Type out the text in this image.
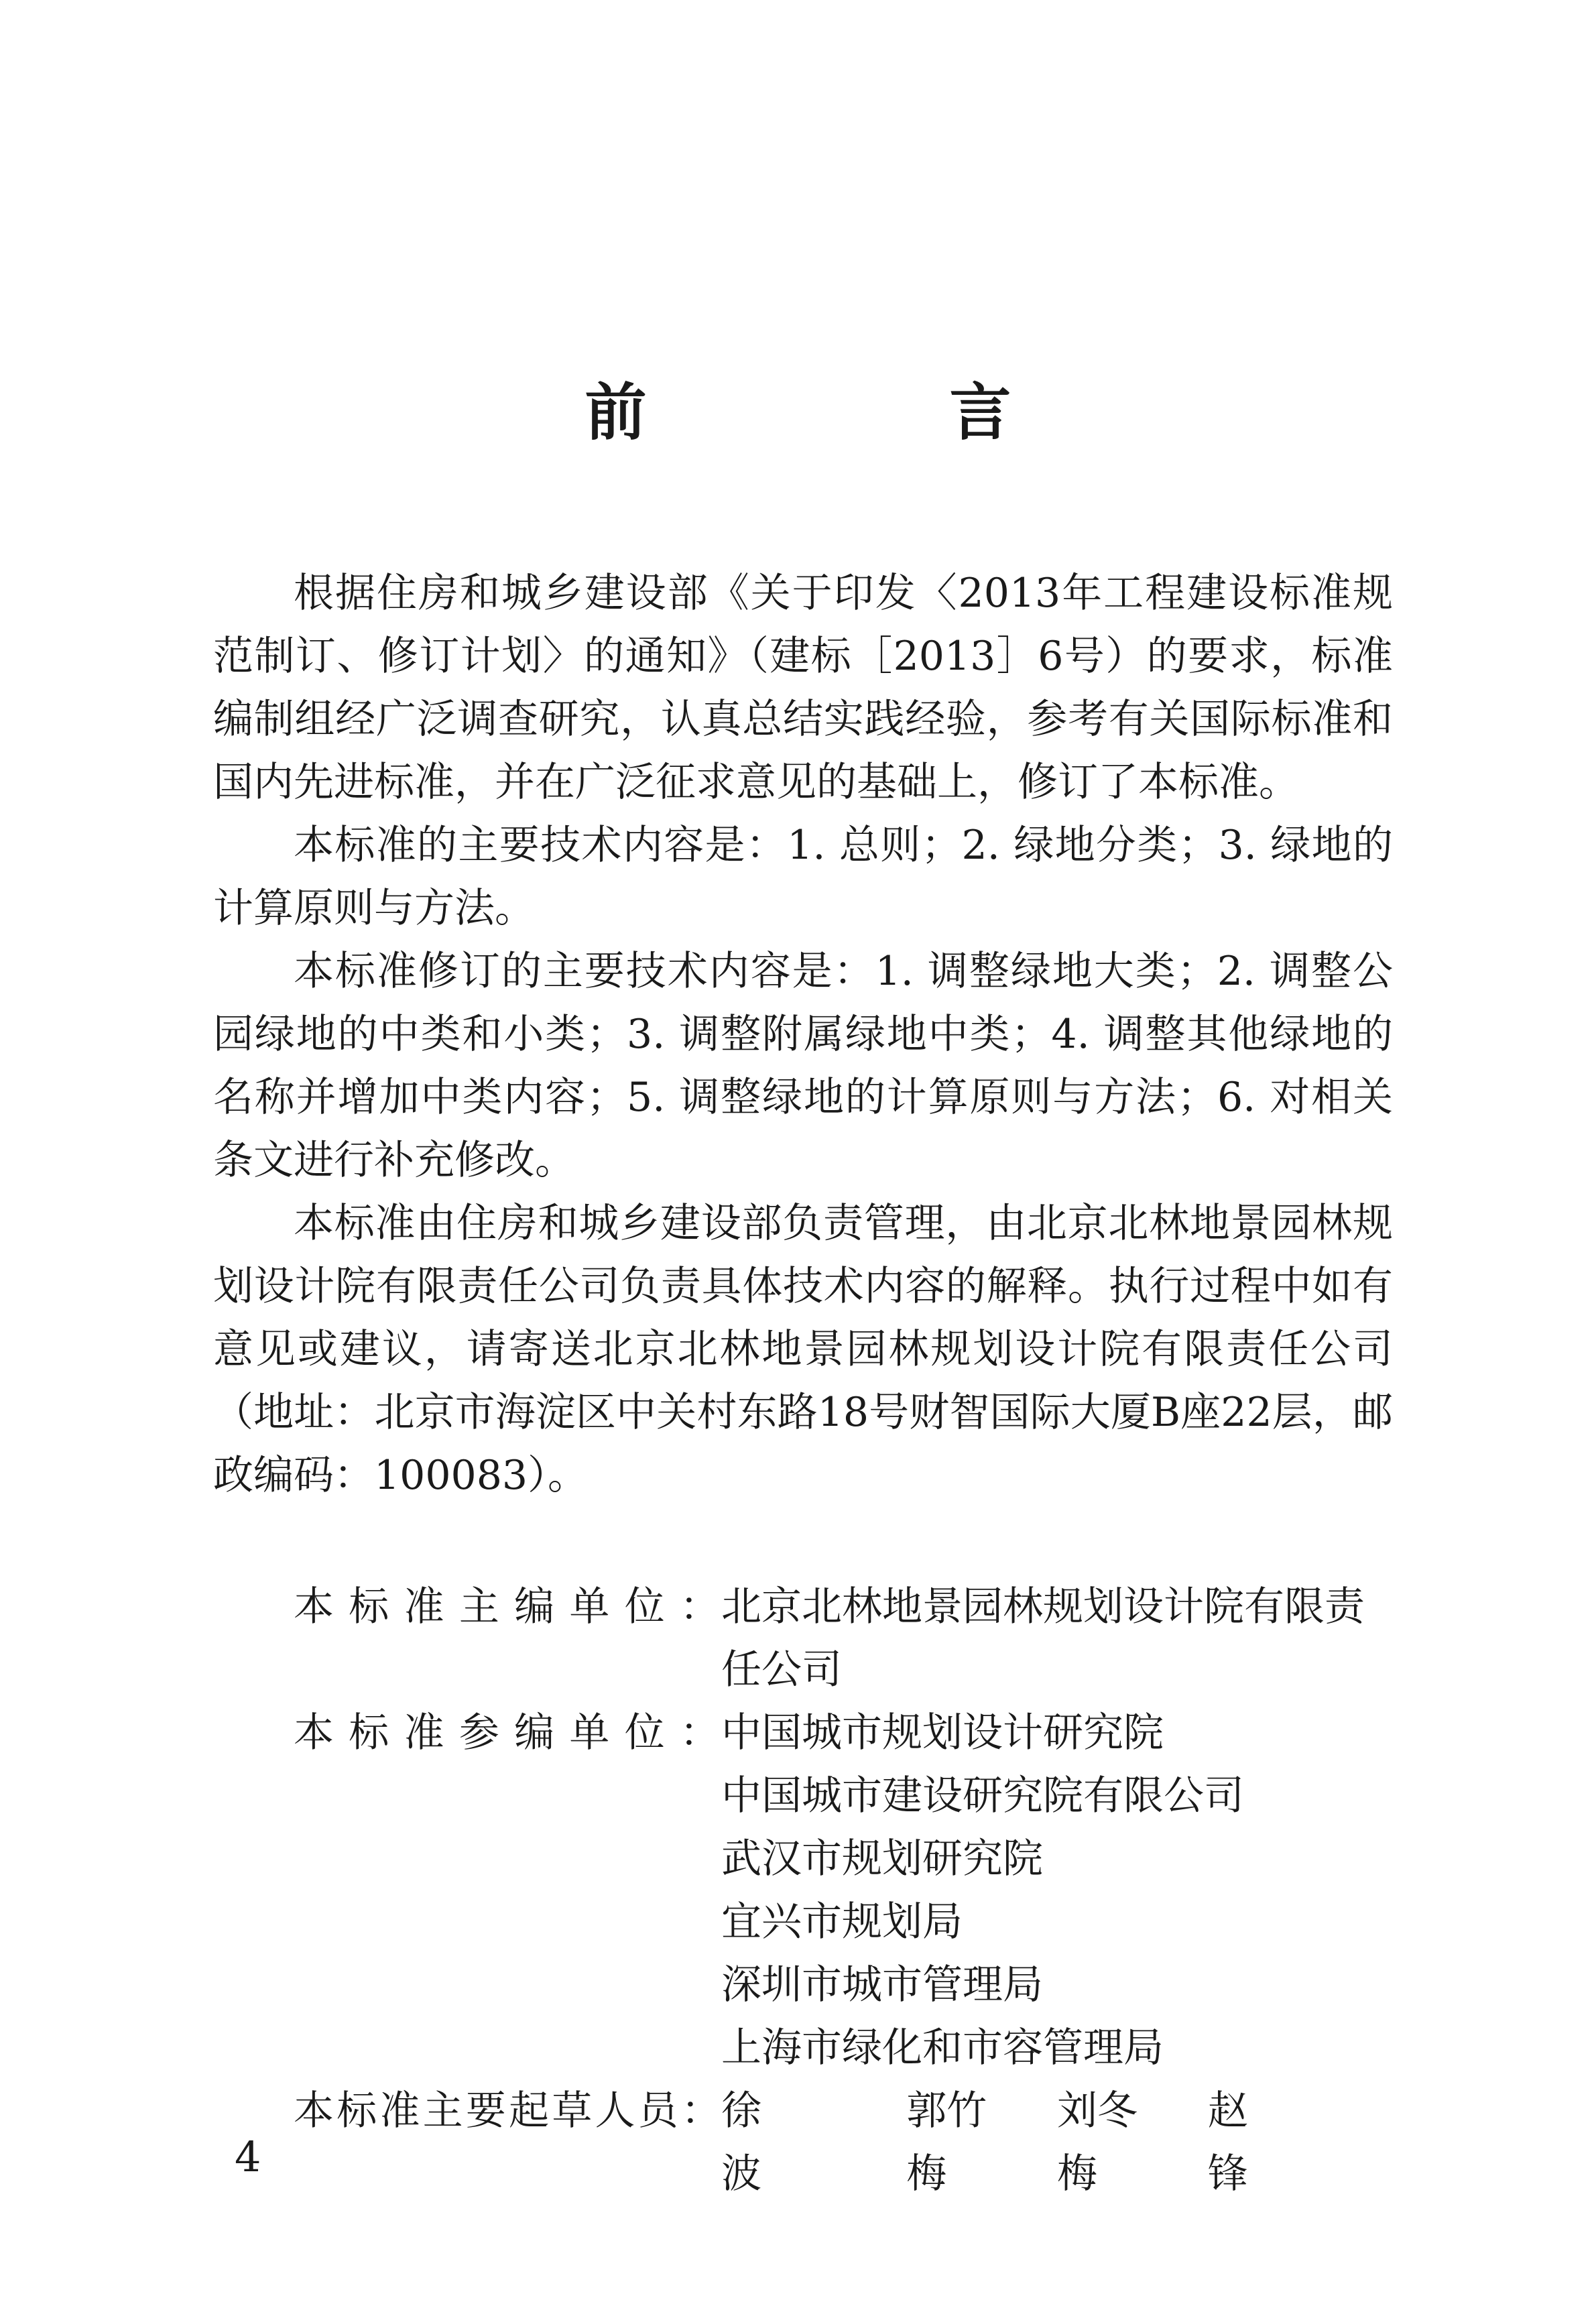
前 言

根据住房和城乡建设部《关于印发〈2013年工程建设标准规范制订、修订计划〉的通知》（建标［2013］6号）的要求，标准编制组经广泛调查研究，认真总结实践经验，参考有关国际标准和国内先进标准，并在广泛征求意见的基础上，修订了本标准。

本标准的主要技术内容是：1. 总则；2. 绿地分类；3. 绿地的计算原则与方法。

本标准修订的主要技术内容是：1. 调整绿地大类；2. 调整公园绿地的中类和小类；3. 调整附属绿地中类；4. 调整其他绿地的名称并增加中类内容；5. 调整绿地的计算原则与方法；6. 对相关条文进行补充修改。

本标准由住房和城乡建设部负责管理，由北京北林地景园林规划设计院有限责任公司负责具体技术内容的解释。执行过程中如有意见或建议，请寄送北京北林地景园林规划设计院有限责任公司（地址：北京市海淀区中关村东路18号财智国际大厦B座22层，邮政编码：100083）。

本标准主编单位： 北京北林地景园林规划设计院有限责任公司
本标准参编单位： 中国城市规划设计研究院
中国城市建设研究院有限公司
武汉市规划研究院
宜兴市规划局
深圳市城市管理局
上海市绿化和市容管理局
本标准主要起草人员： 徐波
郭竹梅
刘冬梅
赵锋
4
